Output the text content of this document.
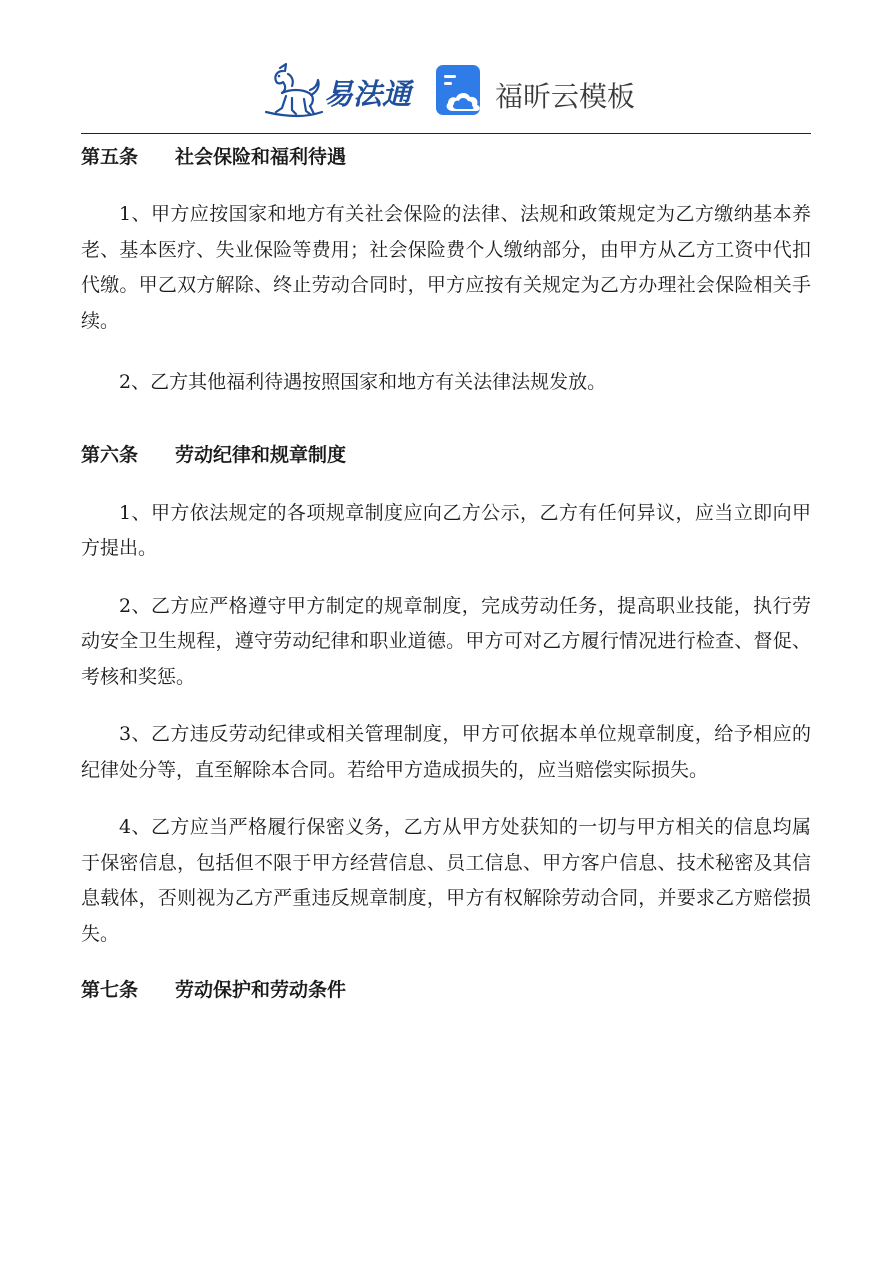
易法通	福昕云模板

第五条 社会保险和福利待遇

1、甲方应按国家和地方有关社会保险的法律、法规和政策规定为乙方缴纳基本养老、基本医疗、失业保险等费用；社会保险费个人缴纳部分，由甲方从乙方工资中代扣代缴。甲乙双方解除、终止劳动合同时，甲方应按有关规定为乙方办理社会保险相关手续。

2、乙方其他福利待遇按照国家和地方有关法律法规发放。

第六条 劳动纪律和规章制度

1、甲方依法规定的各项规章制度应向乙方公示，乙方有任何异议，应当立即向甲方提出。

2、乙方应严格遵守甲方制定的规章制度，完成劳动任务，提高职业技能，执行劳动安全卫生规程，遵守劳动纪律和职业道德。甲方可对乙方履行情况进行检查、督促、考核和奖惩。

3、乙方违反劳动纪律或相关管理制度，甲方可依据本单位规章制度，给予相应的纪律处分等，直至解除本合同。若给甲方造成损失的，应当赔偿实际损失。

4、乙方应当严格履行保密义务，乙方从甲方处获知的一切与甲方相关的信息均属于保密信息，包括但不限于甲方经营信息、员工信息、甲方客户信息、技术秘密及其信息载体，否则视为乙方严重违反规章制度，甲方有权解除劳动合同，并要求乙方赔偿损失。

第七条 劳动保护和劳动条件
